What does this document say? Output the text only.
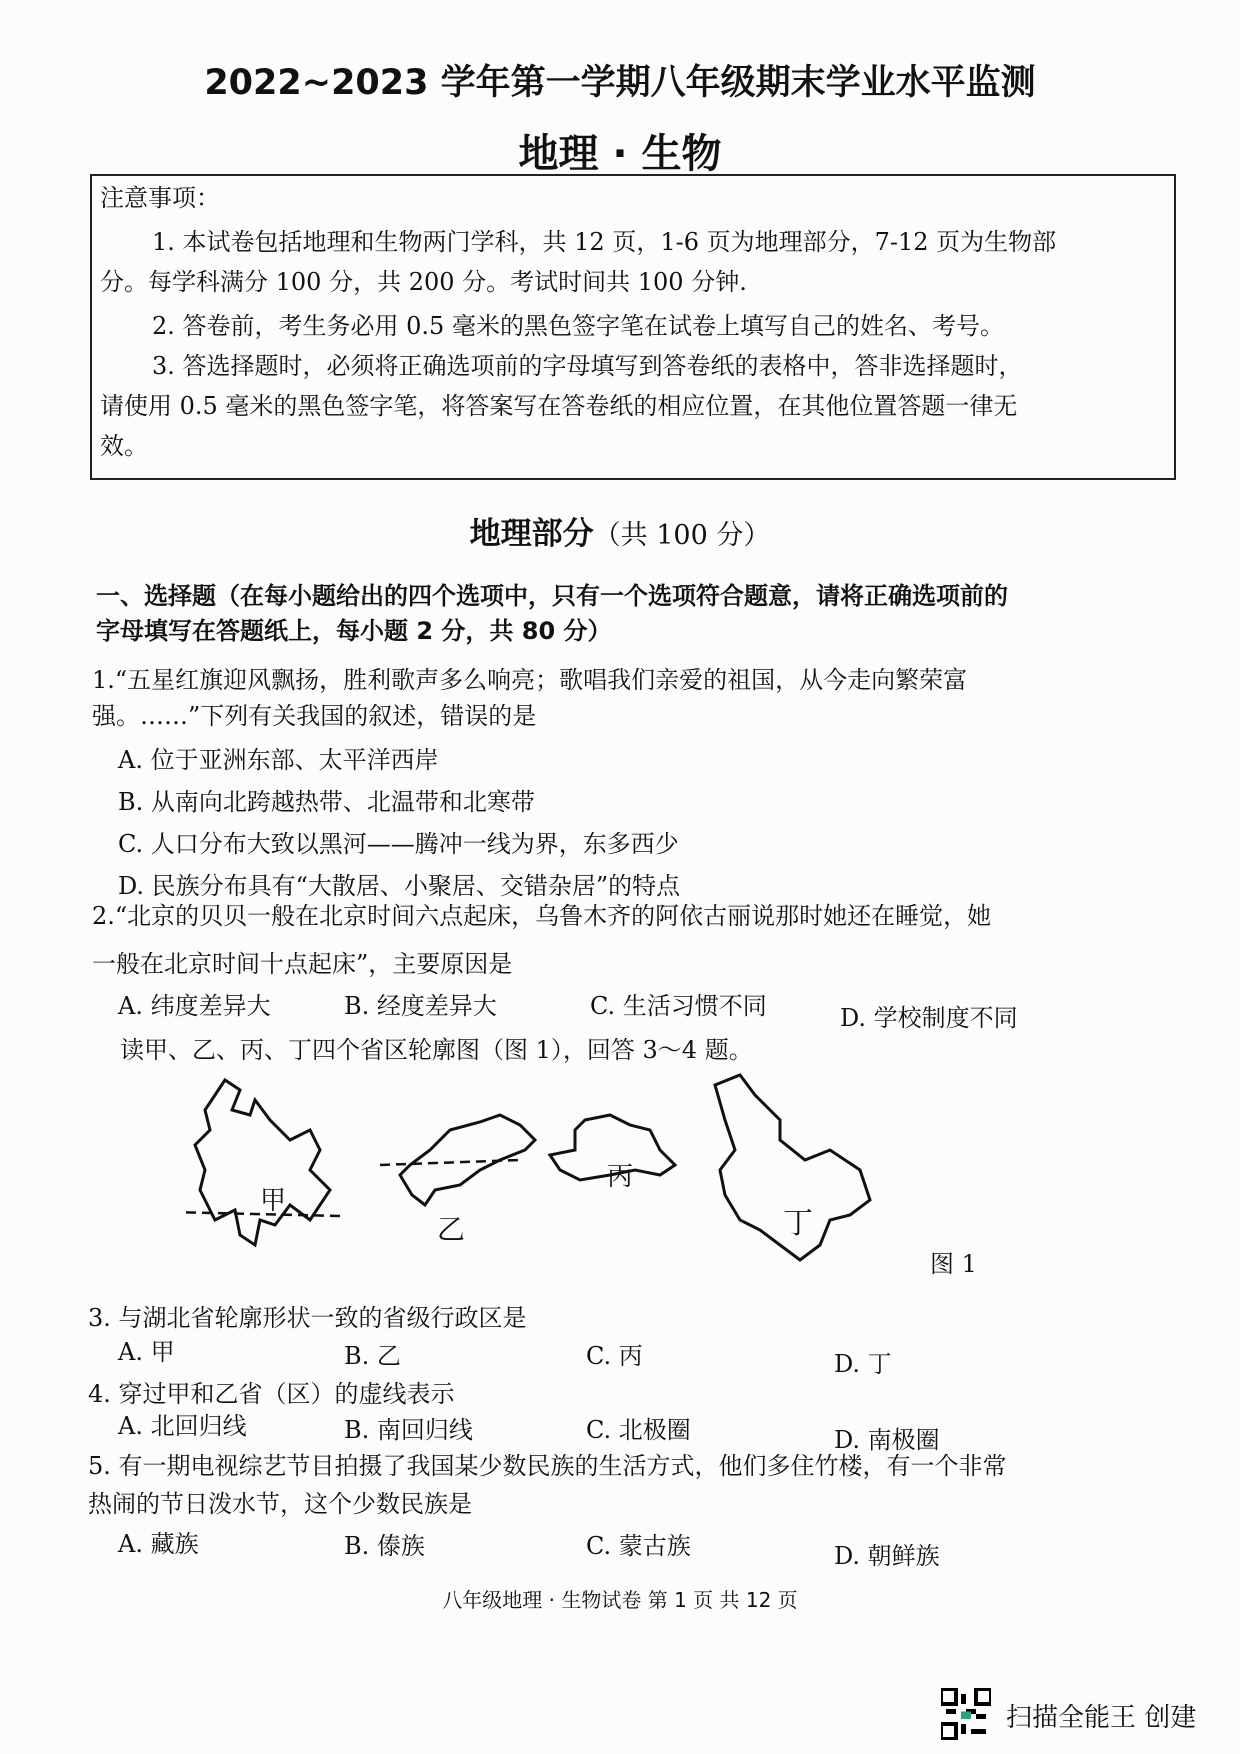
2022~2023 学年第一学期八年级期末学业水平监测
地理 · 生物
注意事项：
1. 本试卷包括地理和生物两门学科，共 12 页，1-6 页为地理部分，7-12 页为生物部
分。每学科满分 100 分，共 200 分。考试时间共 100 分钟.
2. 答卷前，考生务必用 0.5 毫米的黑色签字笔在试卷上填写自己的姓名、考号。
3. 答选择题时，必须将正确选项前的字母填写到答卷纸的表格中，答非选择题时，
请使用 0.5 毫米的黑色签字笔，将答案写在答卷纸的相应位置，在其他位置答题一律无
效。
地理部分（共 100 分）
一、选择题（在每小题给出的四个选项中，只有一个选项符合题意，请将正确选项前的
字母填写在答题纸上，每小题 2 分，共 80 分）
1.“五星红旗迎风飘扬，胜利歌声多么响亮；歌唱我们亲爱的祖国，从今走向繁荣富
强。……”下列有关我国的叙述，错误的是
A. 位于亚洲东部、太平洋西岸
B. 从南向北跨越热带、北温带和北寒带
C. 人口分布大致以黑河——腾冲一线为界，东多西少
D. 民族分布具有“大散居、小聚居、交错杂居”的特点
2.“北京的贝贝一般在北京时间六点起床，乌鲁木齐的阿依古丽说那时她还在睡觉，她
一般在北京时间十点起床”，主要原因是
A. 纬度差异大	B. 经度差异大	C. 生活习惯不同	D. 学校制度不同
读甲、乙、丙、丁四个省区轮廓图（图 1），回答 3～4 题。
甲
乙
丙
丁
图 1
3. 与湖北省轮廓形状一致的省级行政区是
A. 甲	B. 乙	C. 丙	D. 丁
4. 穿过甲和乙省（区）的虚线表示
A. 北回归线	B. 南回归线	C. 北极圈	D. 南极圈
5. 有一期电视综艺节目拍摄了我国某少数民族的生活方式，他们多住竹楼，有一个非常
热闹的节日泼水节，这个少数民族是
A. 藏族	B. 傣族	C. 蒙古族	D. 朝鲜族
八年级地理 · 生物试卷 第 1 页 共 12 页
扫描全能王 创建
